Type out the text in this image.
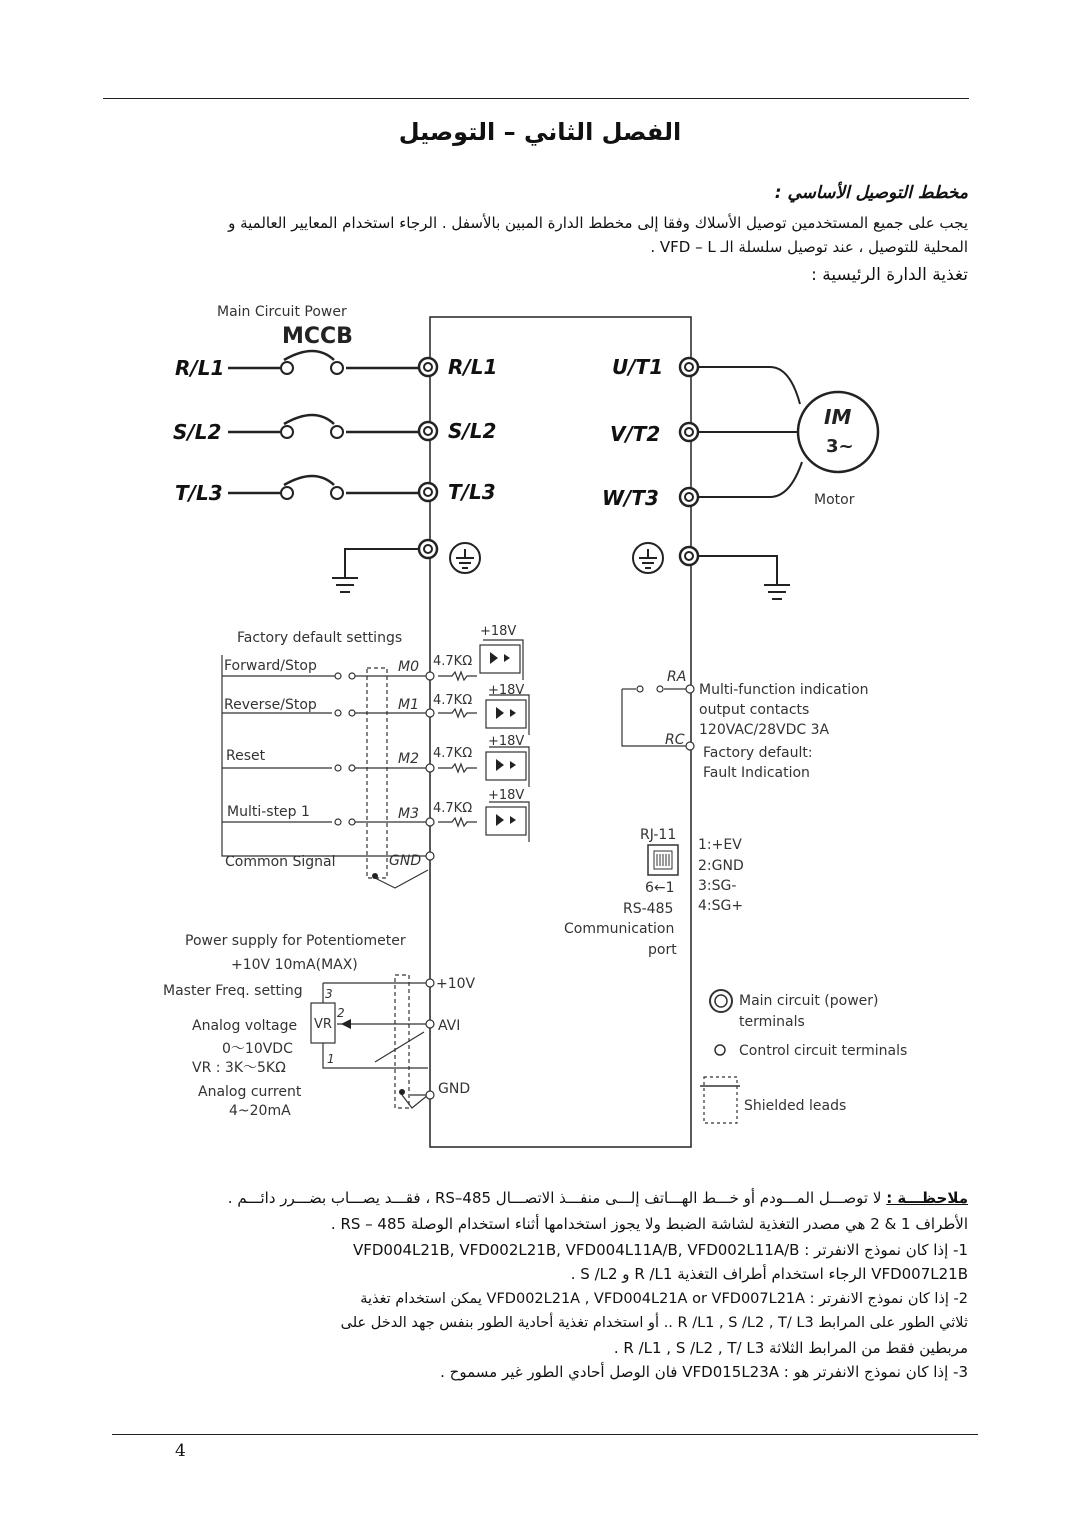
الفصل الثاني – التوصيل
مخطط التوصيل الأساسي :
يجب على جميع المستخدمين توصيل الأسلاك وفقا إلى مخطط الدارة المبين بالأسفل . الرجاء استخدام المعايير العالمية و
المحلية للتوصيل ، عند توصيل سلسلة الـ VFD – L .
تغذية الدارة الرئيسية :
Main Circuit Power
MCCB
R/L1
S/L2
T/L3
R/L1
S/L2
T/L3
U/T1
V/T2
W/T3
IM
3~
Motor
Factory default settings
Forward/Stop
Reverse/Stop
Reset
Multi-step 1
Common Signal
M0
M1
M2
M3
GND
+18V
+18V
+18V
+18V
4.7KΩ
4.7KΩ
4.7KΩ
4.7KΩ
RA
RC
Multi-function indication
output contacts
120VAC/28VDC 3A
Factory default:
Fault Indication
RJ-11
6←1
RS-485
Communication
port
1:+EV
2:GND
3:SG-
4:SG+
Power supply for Potentiometer
+10V 10mA(MAX)
Master Freq. setting
Analog voltage
0～10VDC
VR : 3K～5KΩ
Analog current
4~20mA
VR
3
2
1
+10V
AVI
GND
Main circuit (power)
terminals
Control circuit terminals
Shielded leads
ملاحظـــة : لا توصـــل المـــودم أو خـــط الهـــاتف إلـــى منفـــذ الاتصـــال RS–485 ، فقـــد يصـــاب بضـــرر دائـــم .
الأطراف 1 & 2 هي مصدر التغذية لشاشة الضبط ولا يجوز استخدامها أثناء استخدام الوصلة RS – 485 .
1- إذا كان نموذج الانفرتر : VFD004L21B, VFD002L21B, VFD004L11A/B, VFD002L11A/B
VFD007L21B الرجاء استخدام أطراف التغذية R /L1 و S /L2 .
2- إذا كان نموذج الانفرتر : VFD002L21A , VFD004L21A or VFD007L21A يمكن استخدام تغذية
ثلاثي الطور على المرابط R /L1 , S /L2 , T/ L3 .. أو استخدام تغذية أحادية الطور بنفس جهد الدخل على
مربطين فقط من المرابط الثلاثة R /L1 , S /L2 , T/ L3 .
3- إذا كان نموذج الانفرتر هو : VFD015L23A فان الوصل أحادي الطور غير مسموح .
4
